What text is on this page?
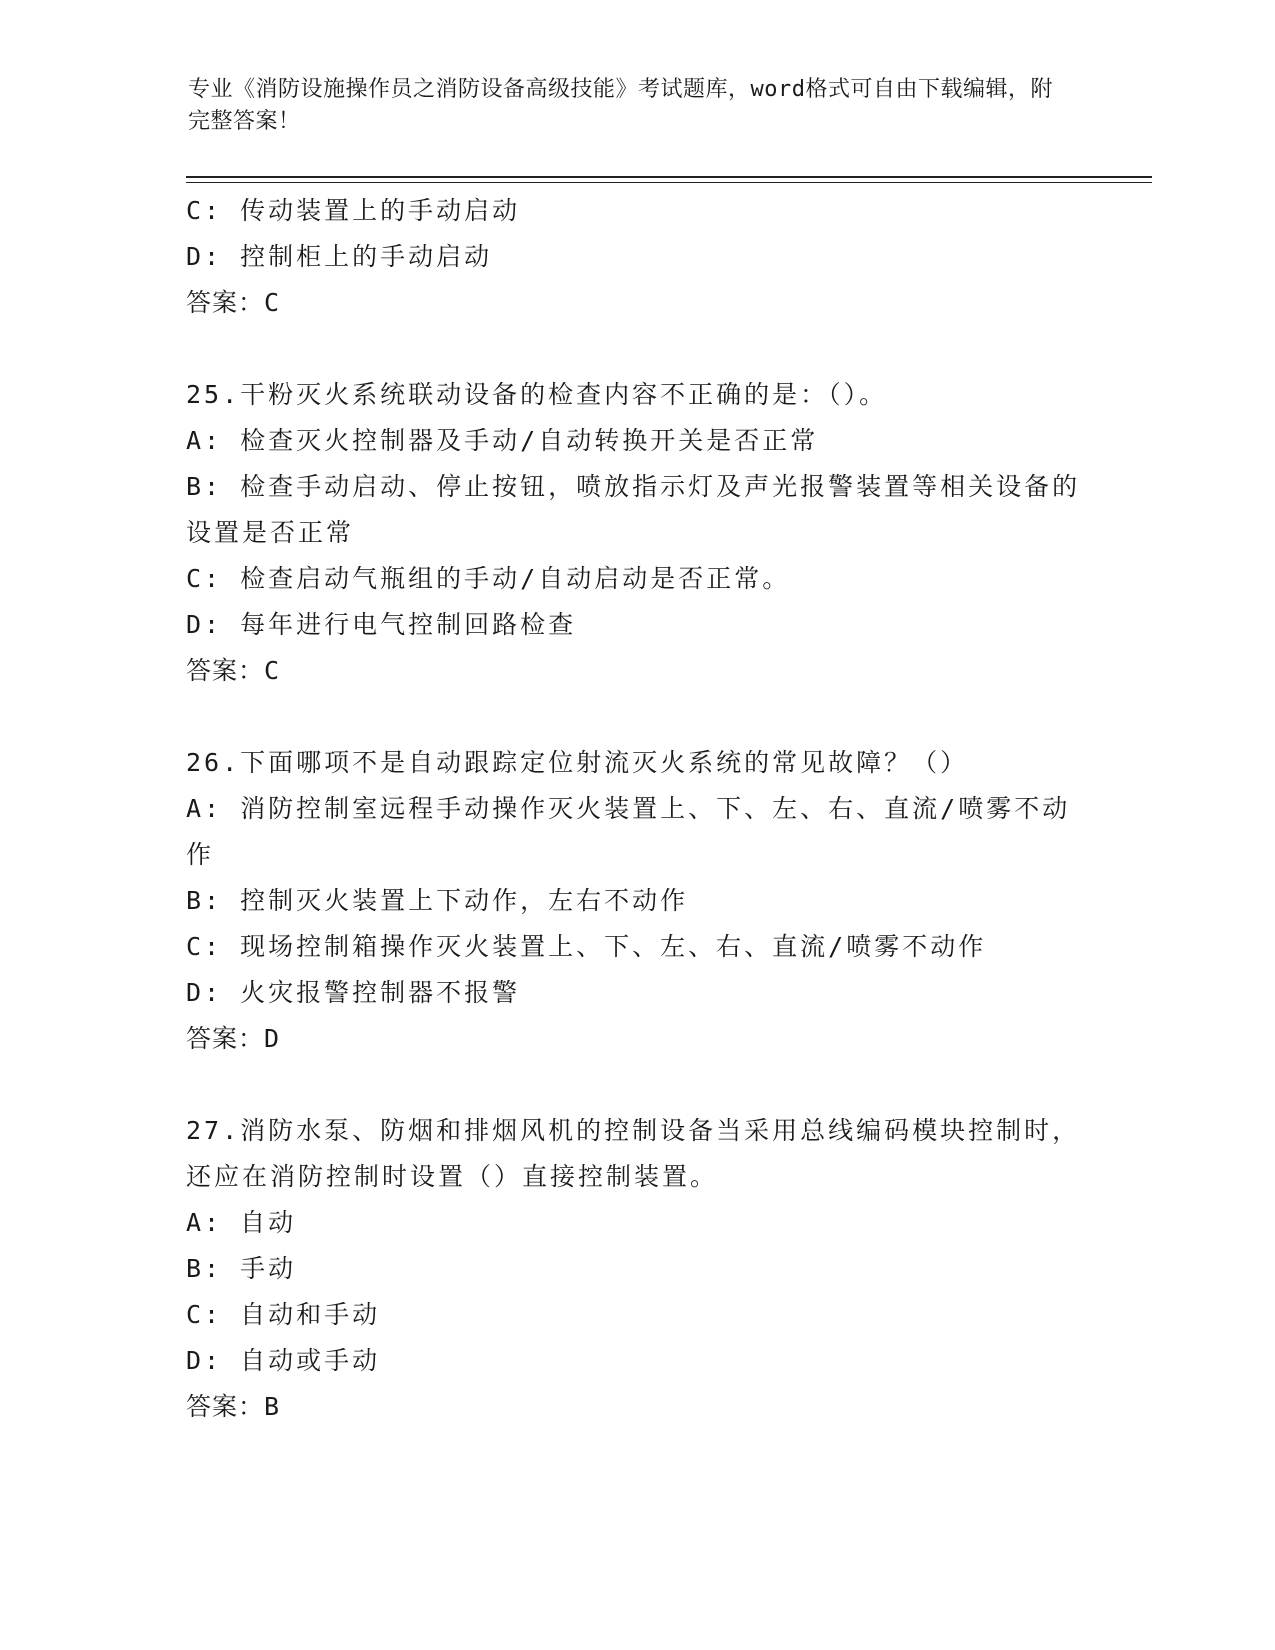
专业《消防设施操作员之消防设备高级技能》考试题库，word格式可自由下载编辑，附完整答案！

C: 传动装置上的手动启动

D: 控制柜上的手动启动

答案：C

25.干粉灭火系统联动设备的检查内容不正确的是：（）。

A: 检查灭火控制器及手动/自动转换开关是否正常

B: 检查手动启动、停止按钮，喷放指示灯及声光报警装置等相关设备的设置是否正常

C: 检查启动气瓶组的手动/自动启动是否正常。

D: 每年进行电气控制回路检查

答案：C

26.下面哪项不是自动跟踪定位射流灭火系统的常见故障？（）

A: 消防控制室远程手动操作灭火装置上、下、左、右、直流/喷雾不动作

B: 控制灭火装置上下动作，左右不动作

C: 现场控制箱操作灭火装置上、下、左、右、直流/喷雾不动作

D: 火灾报警控制器不报警

答案：D

27.消防水泵、防烟和排烟风机的控制设备当采用总线编码模块控制时，还应在消防控制时设置（）直接控制装置。

A: 自动

B: 手动

C: 自动和手动

D: 自动或手动

答案：B
